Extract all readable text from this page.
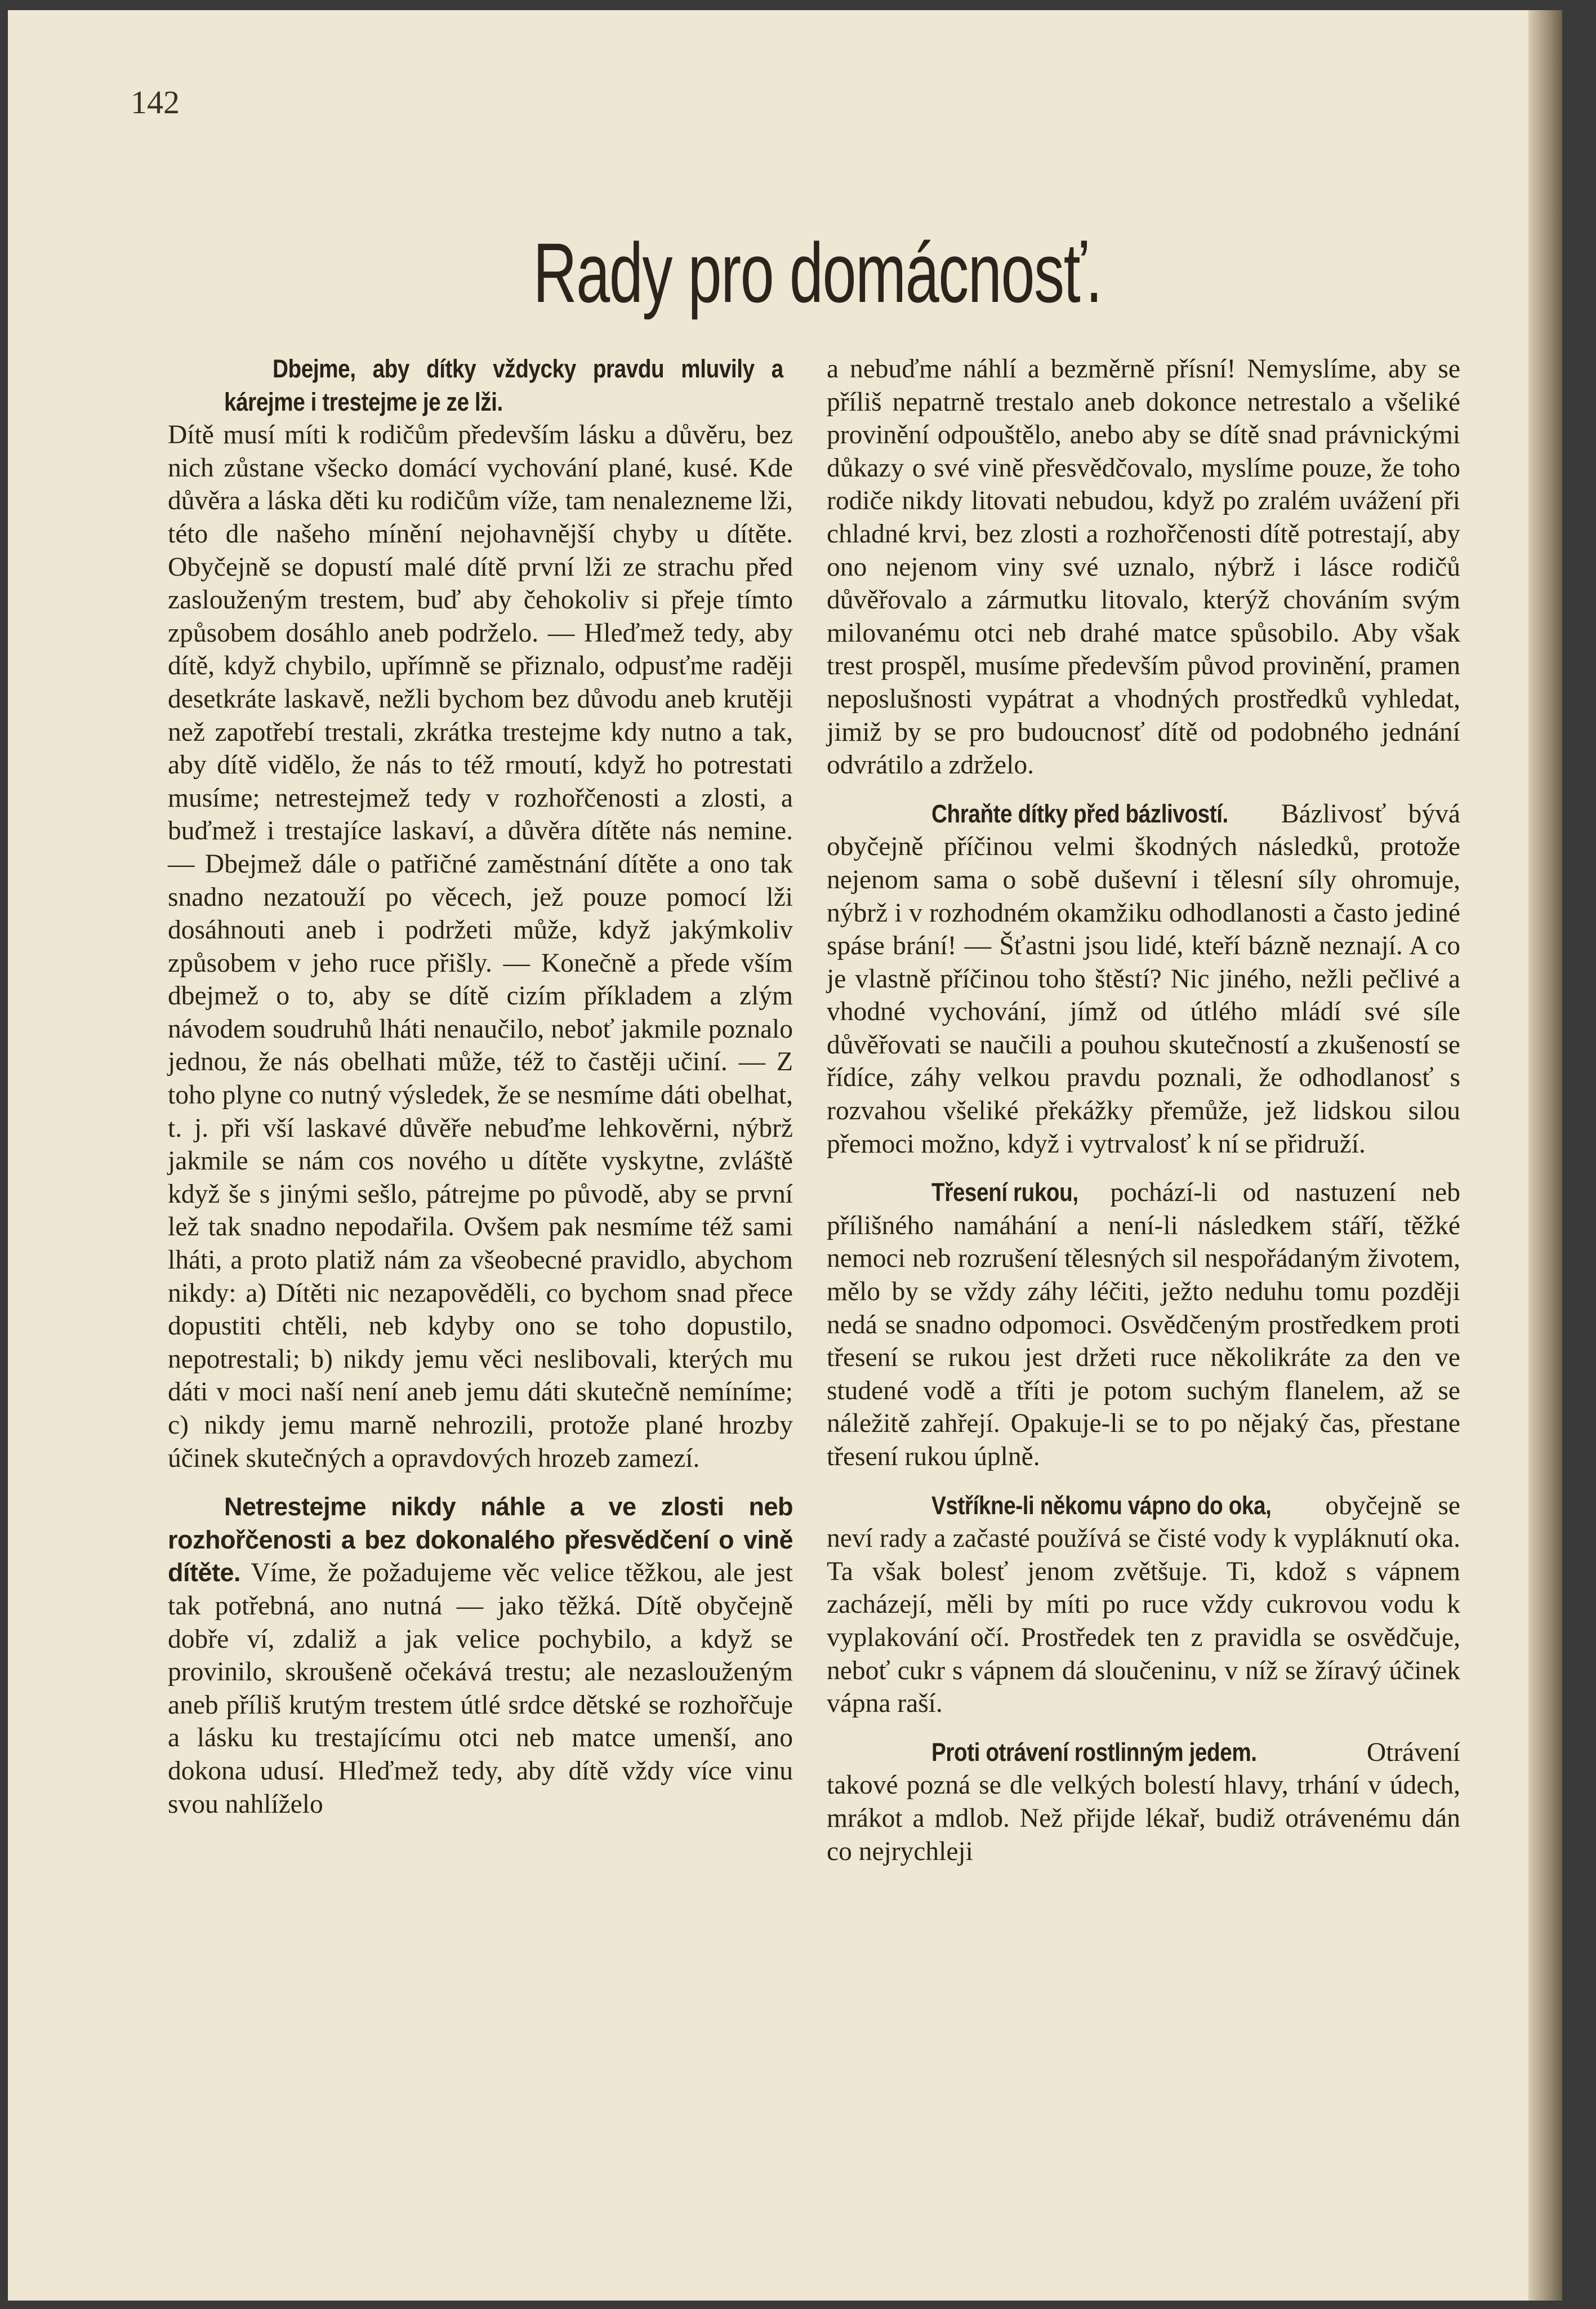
142
Rady pro domácnosť.

Dbejme, aby dítky vždycky pravdu mluvily a kárejme i trestejme je ze lži. Dítě musí míti k rodičům především lásku a důvěru, bez nich zůstane všecko domácí vychování plané, kusé. Kde důvěra a láska děti ku rodičům víže, tam nenalezneme lži, této dle našeho mínění nejohavnější chyby u dítěte. Obyčejně se dopustí malé dítě první lži ze strachu před zaslouženým trestem, buď aby čehokoliv si přeje tímto způsobem dosáhlo aneb podrželo. — Hleďmež tedy, aby dítě, když chybilo, upřímně se přiznalo, odpusťme raději desetkráte laskavě, nežli bychom bez důvodu aneb krutěji než zapotřebí trestali, zkrátka trestejme kdy nutno a tak, aby dítě vidělo, že nás to též rmoutí, když ho potrestati musíme; netrestejmež tedy v rozhořčenosti a zlosti, a buďmež i trestajíce laskaví, a důvěra dítěte nás nemine. — Dbejmež dále o patřičné zaměstnání dítěte a ono tak snadno nezatouží po věcech, jež pouze pomocí lži dosáhnouti aneb i podržeti může, když jakýmkoliv způsobem v jeho ruce přišly. — Konečně a přede vším dbejmež o to, aby se dítě cizím příkladem a zlým návodem soudruhů lháti nenaučilo, neboť jakmile poznalo jednou, že nás obelhati může, též to častěji učiní. — Z toho plyne co nutný výsledek, že se nesmíme dáti obelhat, t. j. při vší laskavé důvěře nebuďme lehkověrni, nýbrž jakmile se nám cos nového u dítěte vyskytne, zvláště když še s jinými sešlo, pátrejme po původě, aby se první lež tak snadno nepodařila. Ovšem pak nesmíme též sami lháti, a proto platiž nám za všeobecné pravidlo, abychom nikdy: a) Dítěti nic nezapověděli, co bychom snad přece dopustiti chtěli, neb kdyby ono se toho dopustilo, nepotrestali; b) nikdy jemu věci neslibovali, kterých mu dáti v moci naší není aneb jemu dáti skutečně nemíníme; c) nikdy jemu marně nehrozili, protože plané hrozby účinek skutečných a opravdových hrozeb zamezí.

Netrestejme nikdy náhle a ve zlosti neb rozhořčenosti a bez dokonalého přesvědčení o vině dítěte. Víme, že požadujeme věc velice těžkou, ale jest tak potřebná, ano nutná — jako těžká. Dítě obyčejně dobře ví, zdaliž a jak velice pochybilo, a když se provinilo, skroušeně očekává trestu; ale nezaslouženým aneb příliš krutým trestem útlé srdce dětské se rozhořčuje a lásku ku trestajícímu otci neb matce umenší, ano dokona udusí. Hleďmež tedy, aby dítě vždy více vinu svou nahlíželo

a nebuďme náhlí a bezměrně přísní! Nemyslíme, aby se příliš nepatrně trestalo aneb dokonce netrestalo a všeliké provinění odpouštělo, anebo aby se dítě snad právnickými důkazy o své vině přesvědčovalo, myslíme pouze, že toho rodiče nikdy litovati nebudou, když po zralém uvážení při chladné krvi, bez zlosti a rozhořčenosti dítě potrestají, aby ono nejenom viny své uznalo, nýbrž i lásce rodičů důvěřovalo a zármutku litovalo, kterýž chováním svým milovanému otci neb drahé matce spůsobilo. Aby však trest prospěl, musíme především původ provinění, pramen neposlušnosti vypátrat a vhodných prostředků vyhledat, jimiž by se pro budoucnosť dítě od podobného jednání odvrátilo a zdrželo.

Chraňte dítky před bázlivostí. Bázlivosť bývá obyčejně příčinou velmi škodných následků, protože nejenom sama o sobě duševní i tělesní síly ohromuje, nýbrž i v rozhodném okamžiku odhodlanosti a často jediné spáse brání! — Šťastni jsou lidé, kteří bázně neznají. A co je vlastně příčinou toho štěstí? Nic jiného, nežli pečlivé a vhodné vychování, jímž od útlého mládí své síle důvěřovati se naučili a pouhou skutečností a zkušeností se řídíce, záhy velkou pravdu poznali, že odhodlanosť s rozvahou všeliké překážky přemůže, jež lidskou silou přemoci možno, když i vytrvalosť k ní se přidruží.

Třesení rukou, pochází-li od nastuzení neb přílišného namáhání a není-li následkem stáří, těžké nemoci neb rozrušení tělesných sil nespořádaným životem, mělo by se vždy záhy léčiti, ježto neduhu tomu později nedá se snadno odpomoci. Osvědčeným prostředkem proti třesení se rukou jest držeti ruce několikráte za den ve studené vodě a tříti je potom suchým flanelem, až se náležitě zahřejí. Opakuje-li se to po nějaký čas, přestane třesení rukou úplně.

Vstříkne-li někomu vápno do oka, obyčejně se neví rady a začasté používá se čisté vody k vypláknutí oka. Ta však bolesť jenom zvětšuje. Ti, kdož s vápnem zacházejí, měli by míti po ruce vždy cukrovou vodu k vyplakování očí. Prostředek ten z pravidla se osvědčuje, neboť cukr s vápnem dá sloučeninu, v níž se žíravý účinek vápna raší.

Proti otrávení rostlinným jedem.	Otrávení takové pozná se dle velkých bolestí hlavy, trhání v údech, mrákot a mdlob. Než přijde lékař, budiž otrávenému dán co nejrychleji
